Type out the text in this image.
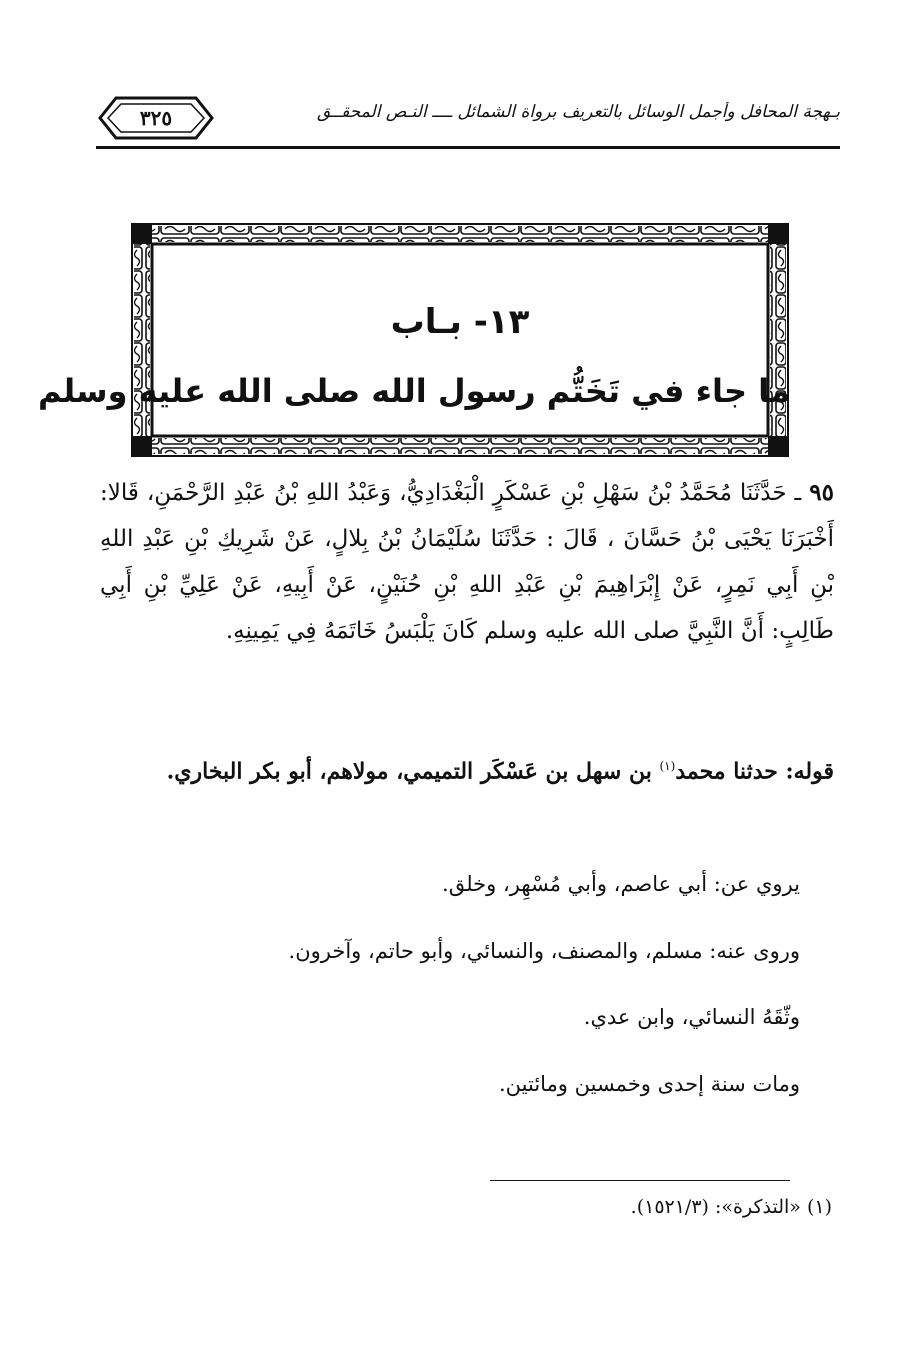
٣٢٥	بـهجة المحافل وأجمل الوسائل بالتعريف برواة الشمائل ــــ النـص المحقــق
١٣- بـاب
ما جاء في تَخَتُّم رسول الله صلى الله عليه وسلم
٩٥ ـ حَدَّثَنَا مُحَمَّدُ بْنُ سَهْلِ بْنِ عَسْكَرٍ الْبَغْدَادِيُّ، وَعَبْدُ اللهِ بْنُ عَبْدِ الرَّحْمَنِ، قَالا: أَخْبَرَنَا يَحْيَى بْنُ حَسَّانَ ، قَالَ : حَدَّثَنَا سُلَيْمَانُ بْنُ بِلالٍ، عَنْ شَرِيكِ بْنِ عَبْدِ اللهِ بْنِ أَبِي نَمِرٍ، عَنْ إِبْرَاهِيمَ بْنِ عَبْدِ اللهِ بْنِ حُنَيْنٍ، عَنْ أَبِيهِ، عَنْ عَلِيِّ بْنِ أَبِي طَالِبٍ: أَنَّ النَّبِيَّ صلى الله عليه وسلم كَانَ يَلْبَسُ خَاتَمَهُ فِي يَمِينِهِ.
قوله: حدثنا محمد$^{(١)}$ بن سهل بن عَسْكَر التميمي، مولاهم، أبو بكر البخاري.
يروي عن: أبي عاصم، وأبي مُسْهِر، وخلق.
وروى عنه: مسلم، والمصنف، والنسائي، وأبو حاتم، وآخرون.
وثّقَهُ النسائي، وابن عدي.
ومات سنة إحدى وخمسين ومائتين.
(١) «التذكرة»: (١٥٢١/٣).
